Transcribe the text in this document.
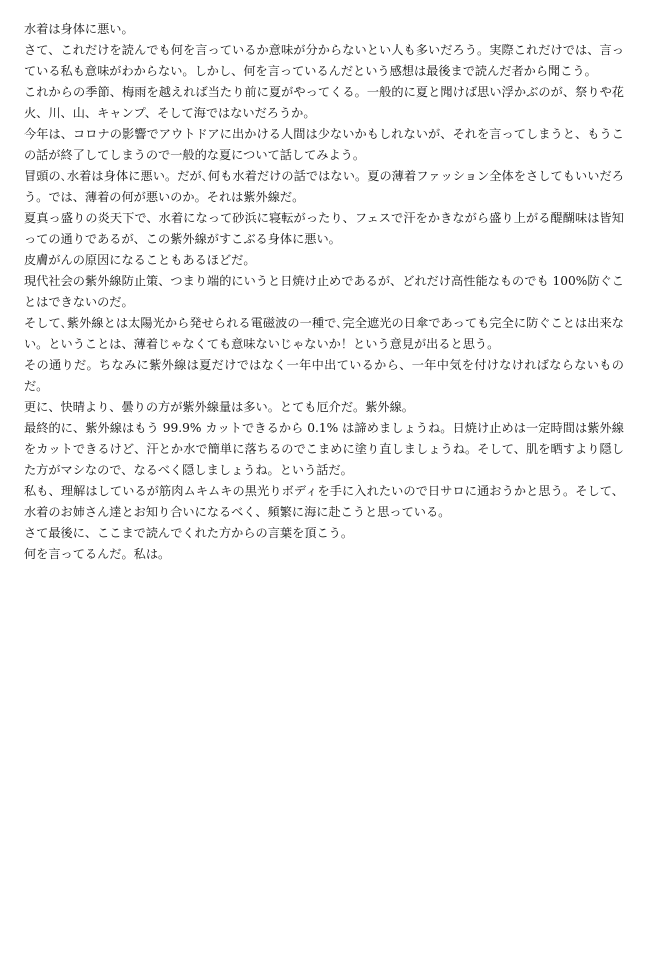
水着は身体に悪い。

さて、これだけを読んでも何を言っているか意味が分からないとい人も多いだろう。実際これだけでは、言っている私も意味がわからない。しかし、何を言っているんだという感想は最後まで読んだ者から聞こう。

これからの季節、梅雨を越えれば当たり前に夏がやってくる。一般的に夏と聞けば思い浮かぶのが、祭りや花火、川、山、キャンプ、そして海ではないだろうか。

今年は、コロナの影響でアウトドアに出かける人間は少ないかもしれないが、それを言ってしまうと、もうこの話が終了してしまうので一般的な夏について話してみよう。

冒頭の､水着は身体に悪い。だが､何も水着だけの話ではない。夏の薄着ファッション全体をさしてもいいだろう。では、薄着の何が悪いのか。それは紫外線だ。

夏真っ盛りの炎天下で、水着になって砂浜に寝転がったり、フェスで汗をかきながら盛り上がる醍醐味は皆知っての通りであるが、この紫外線がすこぶる身体に悪い。

皮膚がんの原因になることもあるほどだ。

現代社会の紫外線防止策、つまり端的にいうと日焼け止めであるが、どれだけ高性能なものでも 100%防ぐことはできないのだ。

そして､紫外線とは太陽光から発せられる電磁波の一種で､完全遮光の日傘であっても完全に防ぐことは出来ない。ということは、薄着じゃなくても意味ないじゃないか！という意見が出ると思う。

その通りだ。ちなみに紫外線は夏だけではなく一年中出ているから、一年中気を付けなければならないものだ。

更に、快晴より、曇りの方が紫外線量は多い。とても厄介だ。紫外線。

最終的に、紫外線はもう 99.9% カットできるから 0.1% は諦めましょうね。日焼け止めは一定時間は紫外線をカットできるけど、汗とか水で簡単に落ちるのでこまめに塗り直しましょうね。そして、肌を晒すより隠した方がマシなので、なるべく隠しましょうね。という話だ。

私も、理解はしているが筋肉ムキムキの黒光りボディを手に入れたいので日サロに通おうかと思う。そして、水着のお姉さん達とお知り合いになるべく、頻繁に海に赴こうと思っている。

さて最後に、ここまで読んでくれた方からの言葉を頂こう。

何を言ってるんだ。私は。
